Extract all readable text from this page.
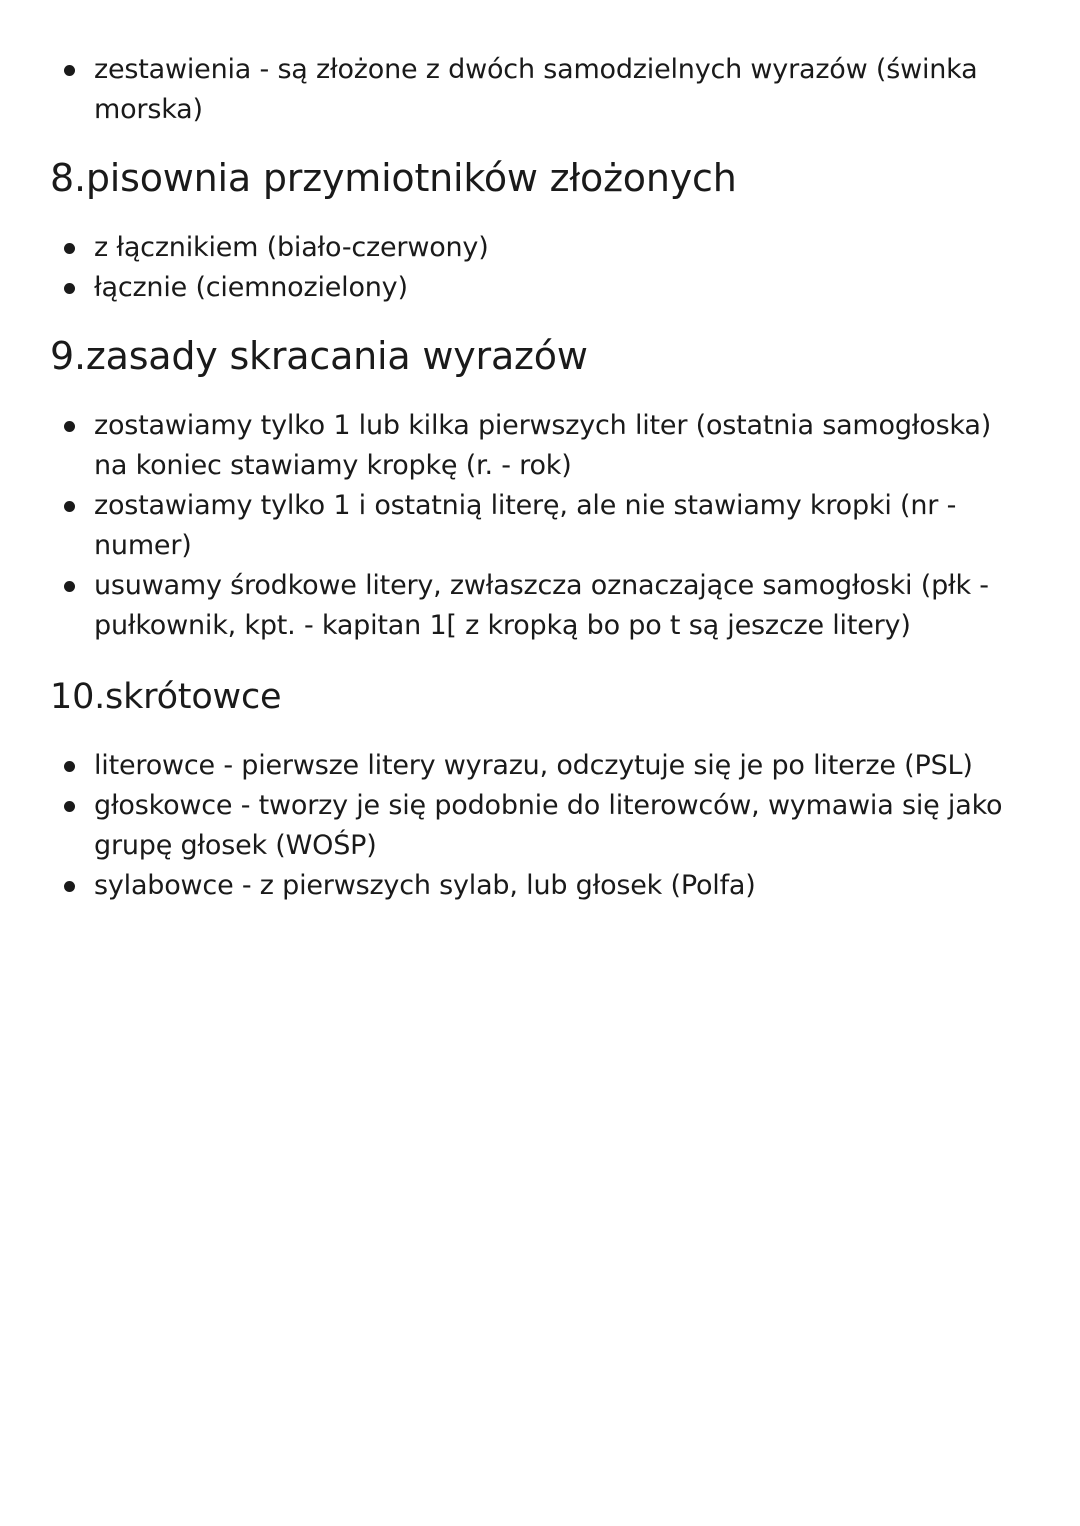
zestawienia - są złożone z dwóch samodzielnych wyrazów (świnka morska)
8.pisownia przymiotników złożonych
z łącznikiem (biało-czerwony)
łącznie (ciemnozielony)
9.zasady skracania wyrazów
zostawiamy tylko 1 lub kilka pierwszych liter (ostatnia samogłoska) na koniec stawiamy kropkę (r. - rok)
zostawiamy tylko 1 i ostatnią literę, ale nie stawiamy kropki (nr - numer)
usuwamy środkowe litery, zwłaszcza oznaczające samogłoski (płk - pułkownik, kpt. - kapitan 1[ z kropką bo po t są jeszcze litery)
10.skrótowce
literowce - pierwsze litery wyrazu, odczytuje się je po literze (PSL)
głoskowce - tworzy je się podobnie do literowców, wymawia się jako grupę głosek (WOŚP)
sylabowce - z pierwszych sylab, lub głosek (Polfa)
